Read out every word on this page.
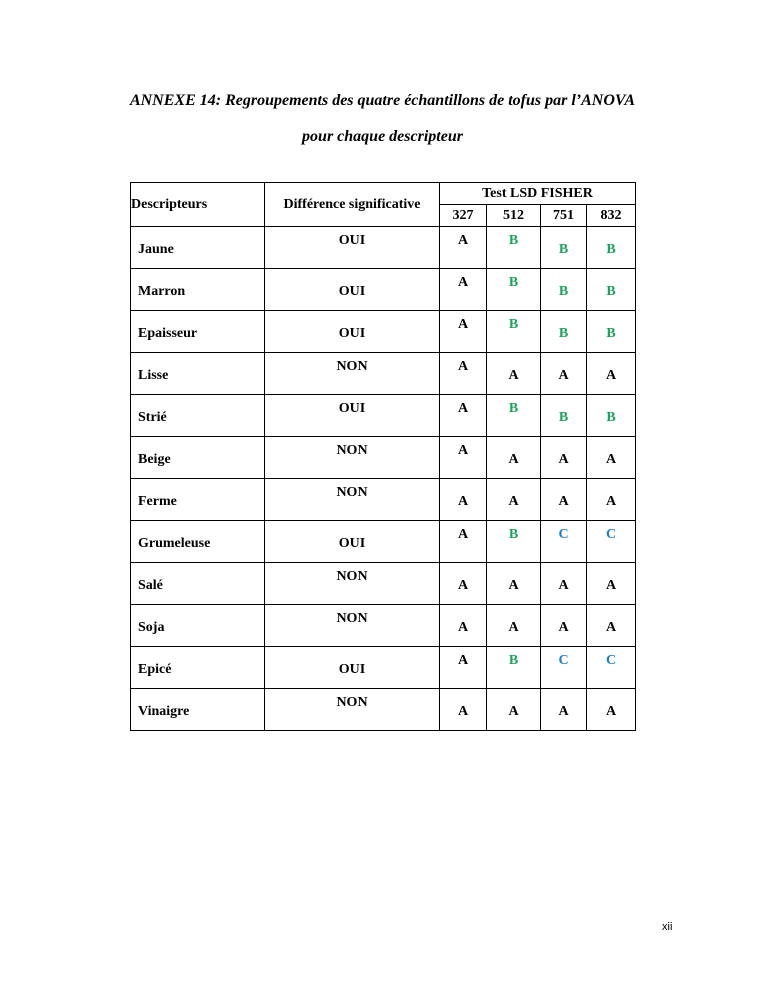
ANNEXE 14: Regroupements des quatre échantillons de tofus par l’ANOVA
pour chaque descripteur
Descripteurs	Différence significative	Test LSD FISHER			
		327	512	751	832
Jaune	OUI	A	B	B	B
Marron	OUI	A	B	B	B
Epaisseur	OUI	A	B	B	B
Lisse	NON	A	A	A	A
Strié	OUI	A	B	B	B
Beige	NON	A	A	A	A
Ferme	NON	A	A	A	A
Grumeleuse	OUI	A	B	C	C
Salé	NON	A	A	A	A
Soja	NON	A	A	A	A
Epicé	OUI	A	B	C	C
Vinaigre	NON	A	A	A	A
xii
